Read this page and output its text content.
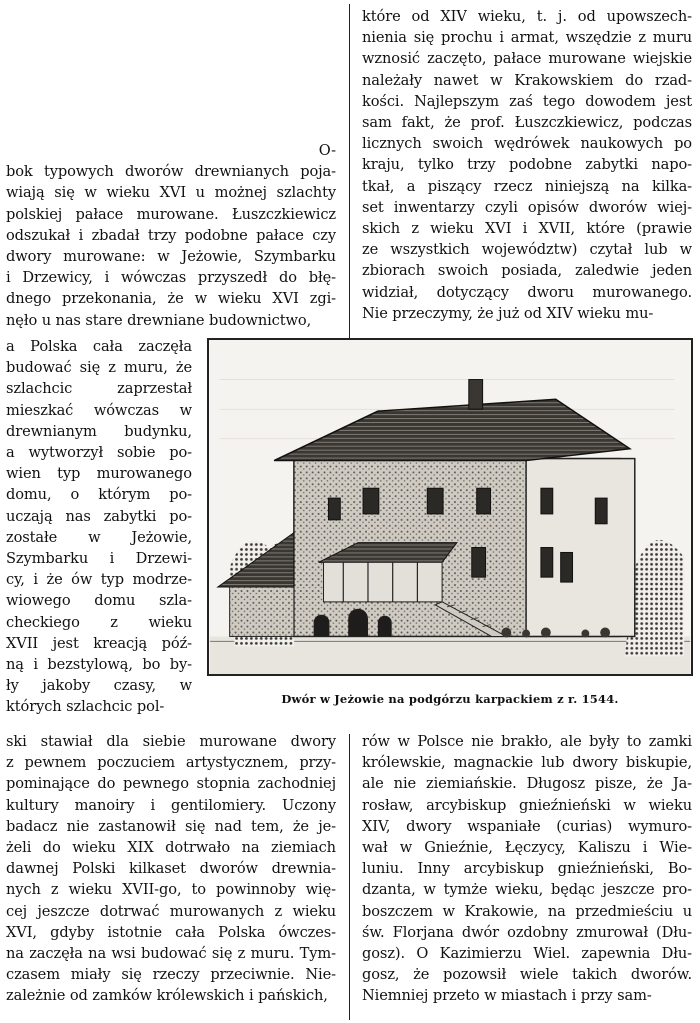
O-
bok typowych dworów drewnianych poja-
wiają się w wieku XVI u możnej szlachty
polskiej pałace murowane. Łuszczkiewicz
odszukał i zbadał trzy podobne pałace czy
dwory murowane: w Jeżowie, Szymbarku
i Drzewicy, i wówczas przyszedł do błę-
dnego przekonania, że w wieku XVI zgi-
nęło u nas stare drewniane budownictwo,
a Polska cała zaczęła
budować się z muru, że
szlachcic zaprzestał
mieszkać wówczas w
drewnianym budynku,
a wytworzył sobie po-
wien typ murowanego
domu, o którym po-
uczają nas zabytki po-
zostałe w Jeżowie,
Szymbarku i Drzewi-
cy, i że ów typ modrze-
wiowego domu szla-
checkiego z wieku
XVII jest kreacją póź-
ną i bezstylową, bo by-
ły jakoby czasy, w
których szlachcic pol-
ski stawiał dla siebie murowane dwory
z pewnem poczuciem artystycznem, przy-
pominające do pewnego stopnia zachodniej
kultury manoiry i gentilomiery. Uczony
badacz nie zastanowił się nad tem, że je-
żeli do wieku XIX dotrwało na ziemiach
dawnej Polski kilkaset dworów drewnia-
nych z wieku XVII-go, to powinnoby wię-
cej jeszcze dotrwać murowanych z wieku
XVI, gdyby istotnie cała Polska ówczes-
na zaczęła na wsi budować się z muru. Tym-
czasem miały się rzeczy przeciwnie. Nie-
zależnie od zamków królewskich i pańskich,
które od XIV wieku, t. j. od upowszech-
nienia się prochu i armat, wszędzie z muru
wznosić zaczęto, pałace murowane wiejskie
należały nawet w Krakowskiem do rzad-
kości. Najlepszym zaś tego dowodem jest
sam fakt, że prof. Łuszczkiewicz, podczas
licznych swoich wędrówek naukowych po
kraju, tylko trzy podobne zabytki napo-
tkał, a piszący rzecz niniejszą na kilka-
set inwentarzy czyli opisów dworów wiej-
skich z wieku XVI i XVII, które (prawie
ze wszystkich województw) czytał lub w
zbiorach swoich posiada, zaledwie jeden
widział, dotyczący dworu murowanego.
Nie przeczymy, że już od XIV wieku mu-
rów w Polsce nie brakło, ale były to zamki
królewskie, magnackie lub dwory biskupie,
ale nie ziemiańskie. Długosz pisze, że Ja-
rosław, arcybiskup gnieźnieński w wieku
XIV, dwory wspaniałe (curias) wymuro-
wał w Gnieźnie, Łęczycy, Kaliszu i Wie-
luniu. Inny arcybiskup gnieźnieński, Bo-
dzanta, w tymże wieku, będąc jeszcze pro-
boszczem w Krakowie, na przedmieściu u
św. Florjana dwór ozdobny zmurował (Dłu-
gosz). O Kazimierzu Wiel. zapewnia Dłu-
gosz, że pozowsił wiele takich dworów.
Niemniej przeto w miastach i przy sam-
Dwór w Jeżowie na podgórzu karpackiem z r. 1544.
